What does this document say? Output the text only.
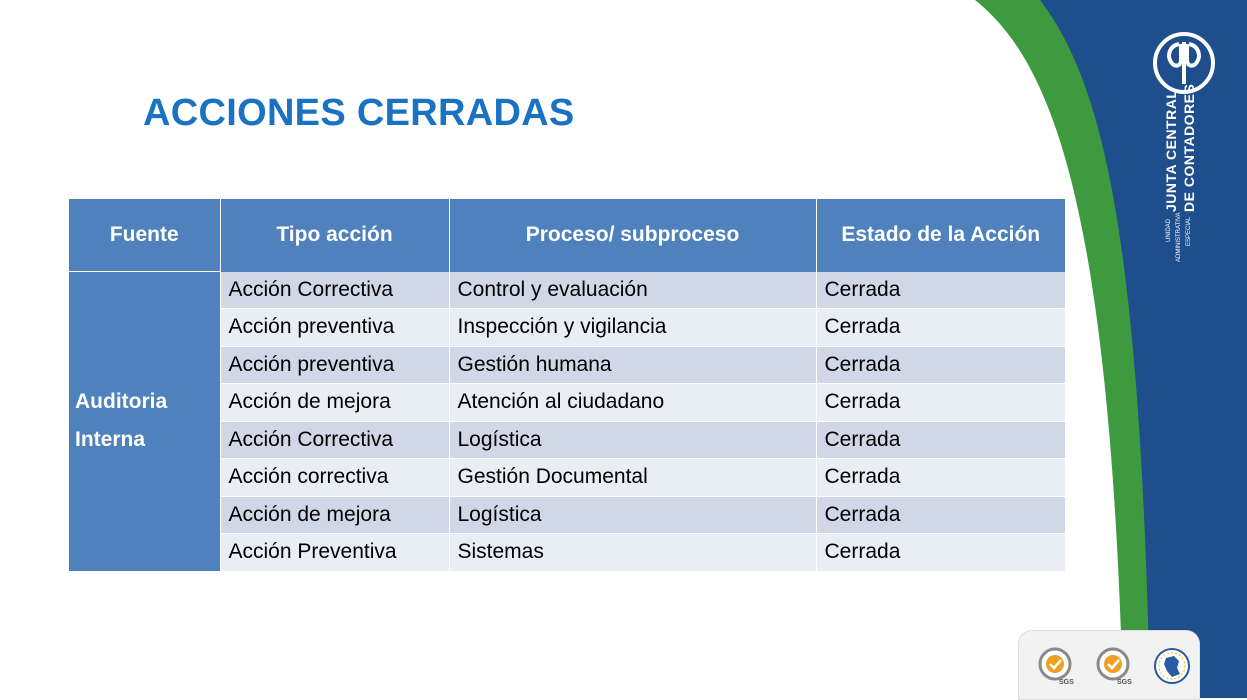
ACCIONES CERRADAS
Fuente	Tipo acción	Proceso/ subproceso	Estado de la Acción
Auditoria Interna	Acción Correctiva	Control y evaluación	Cerrada
	Acción preventiva	Inspección y vigilancia	Cerrada
	Acción preventiva	Gestión humana	Cerrada
	Acción de mejora	Atención al ciudadano	Cerrada
	Acción Correctiva	Logística	Cerrada
	Acción correctiva	Gestión Documental	Cerrada
	Acción de mejora	Logística	Cerrada
	Acción Preventiva	Sistemas	Cerrada
JUNTA CENTRAL DE CONTADORES
UNIDAD ADMINISTRATIVA ESPECIAL
SGS	SGS
